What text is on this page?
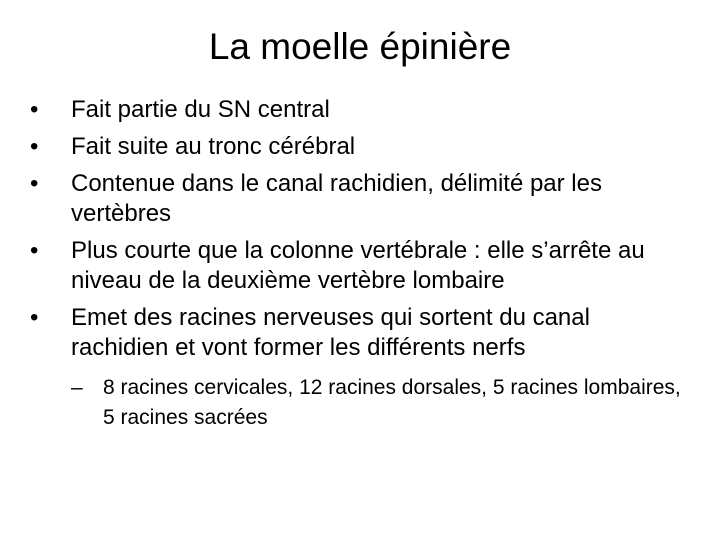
La moelle épinière
•	Fait partie du SN central
•	Fait suite au tronc cérébral
•	Contenue dans le canal rachidien, délimité par les vertèbres
•	Plus courte que la colonne vertébrale : elle s’arrête au niveau de la deuxième vertèbre lombaire
•	Emet des racines nerveuses qui sortent du canal rachidien et vont former les différents nerfs
– 8 racines cervicales, 12 racines dorsales, 5 racines lombaires, 5 racines sacrées
